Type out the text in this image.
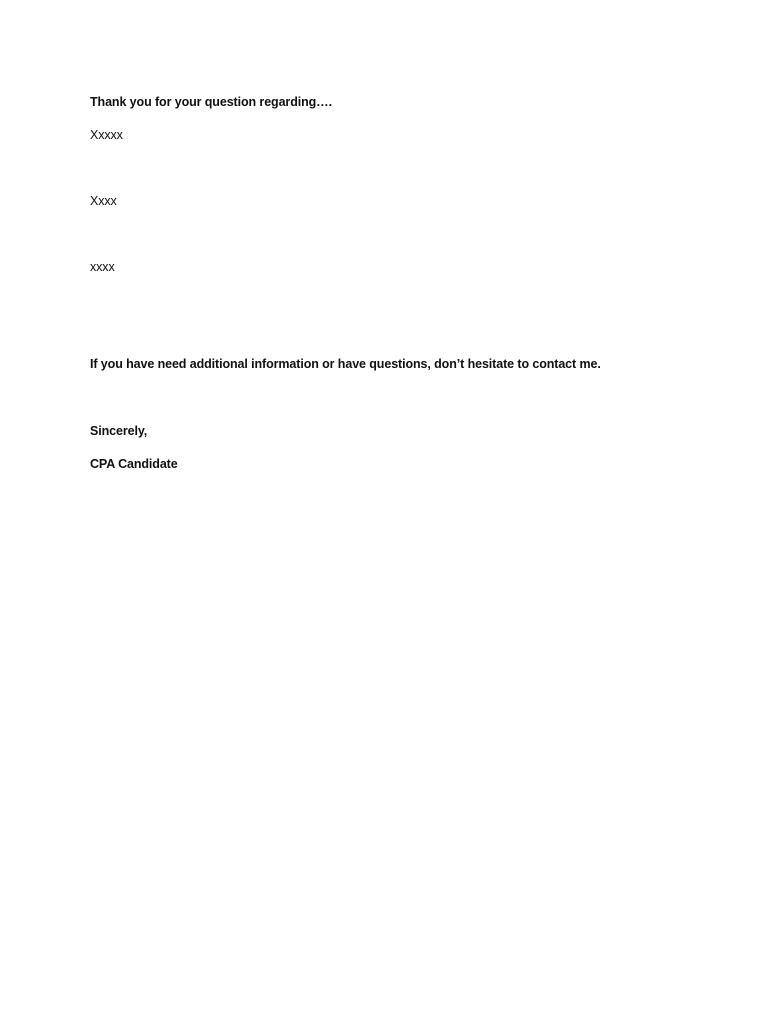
Thank you for your question regarding….

Xxxxx

Xxxx

xxxx

If you have need additional information or have questions, don’t hesitate to contact me.

Sincerely,

CPA Candidate
